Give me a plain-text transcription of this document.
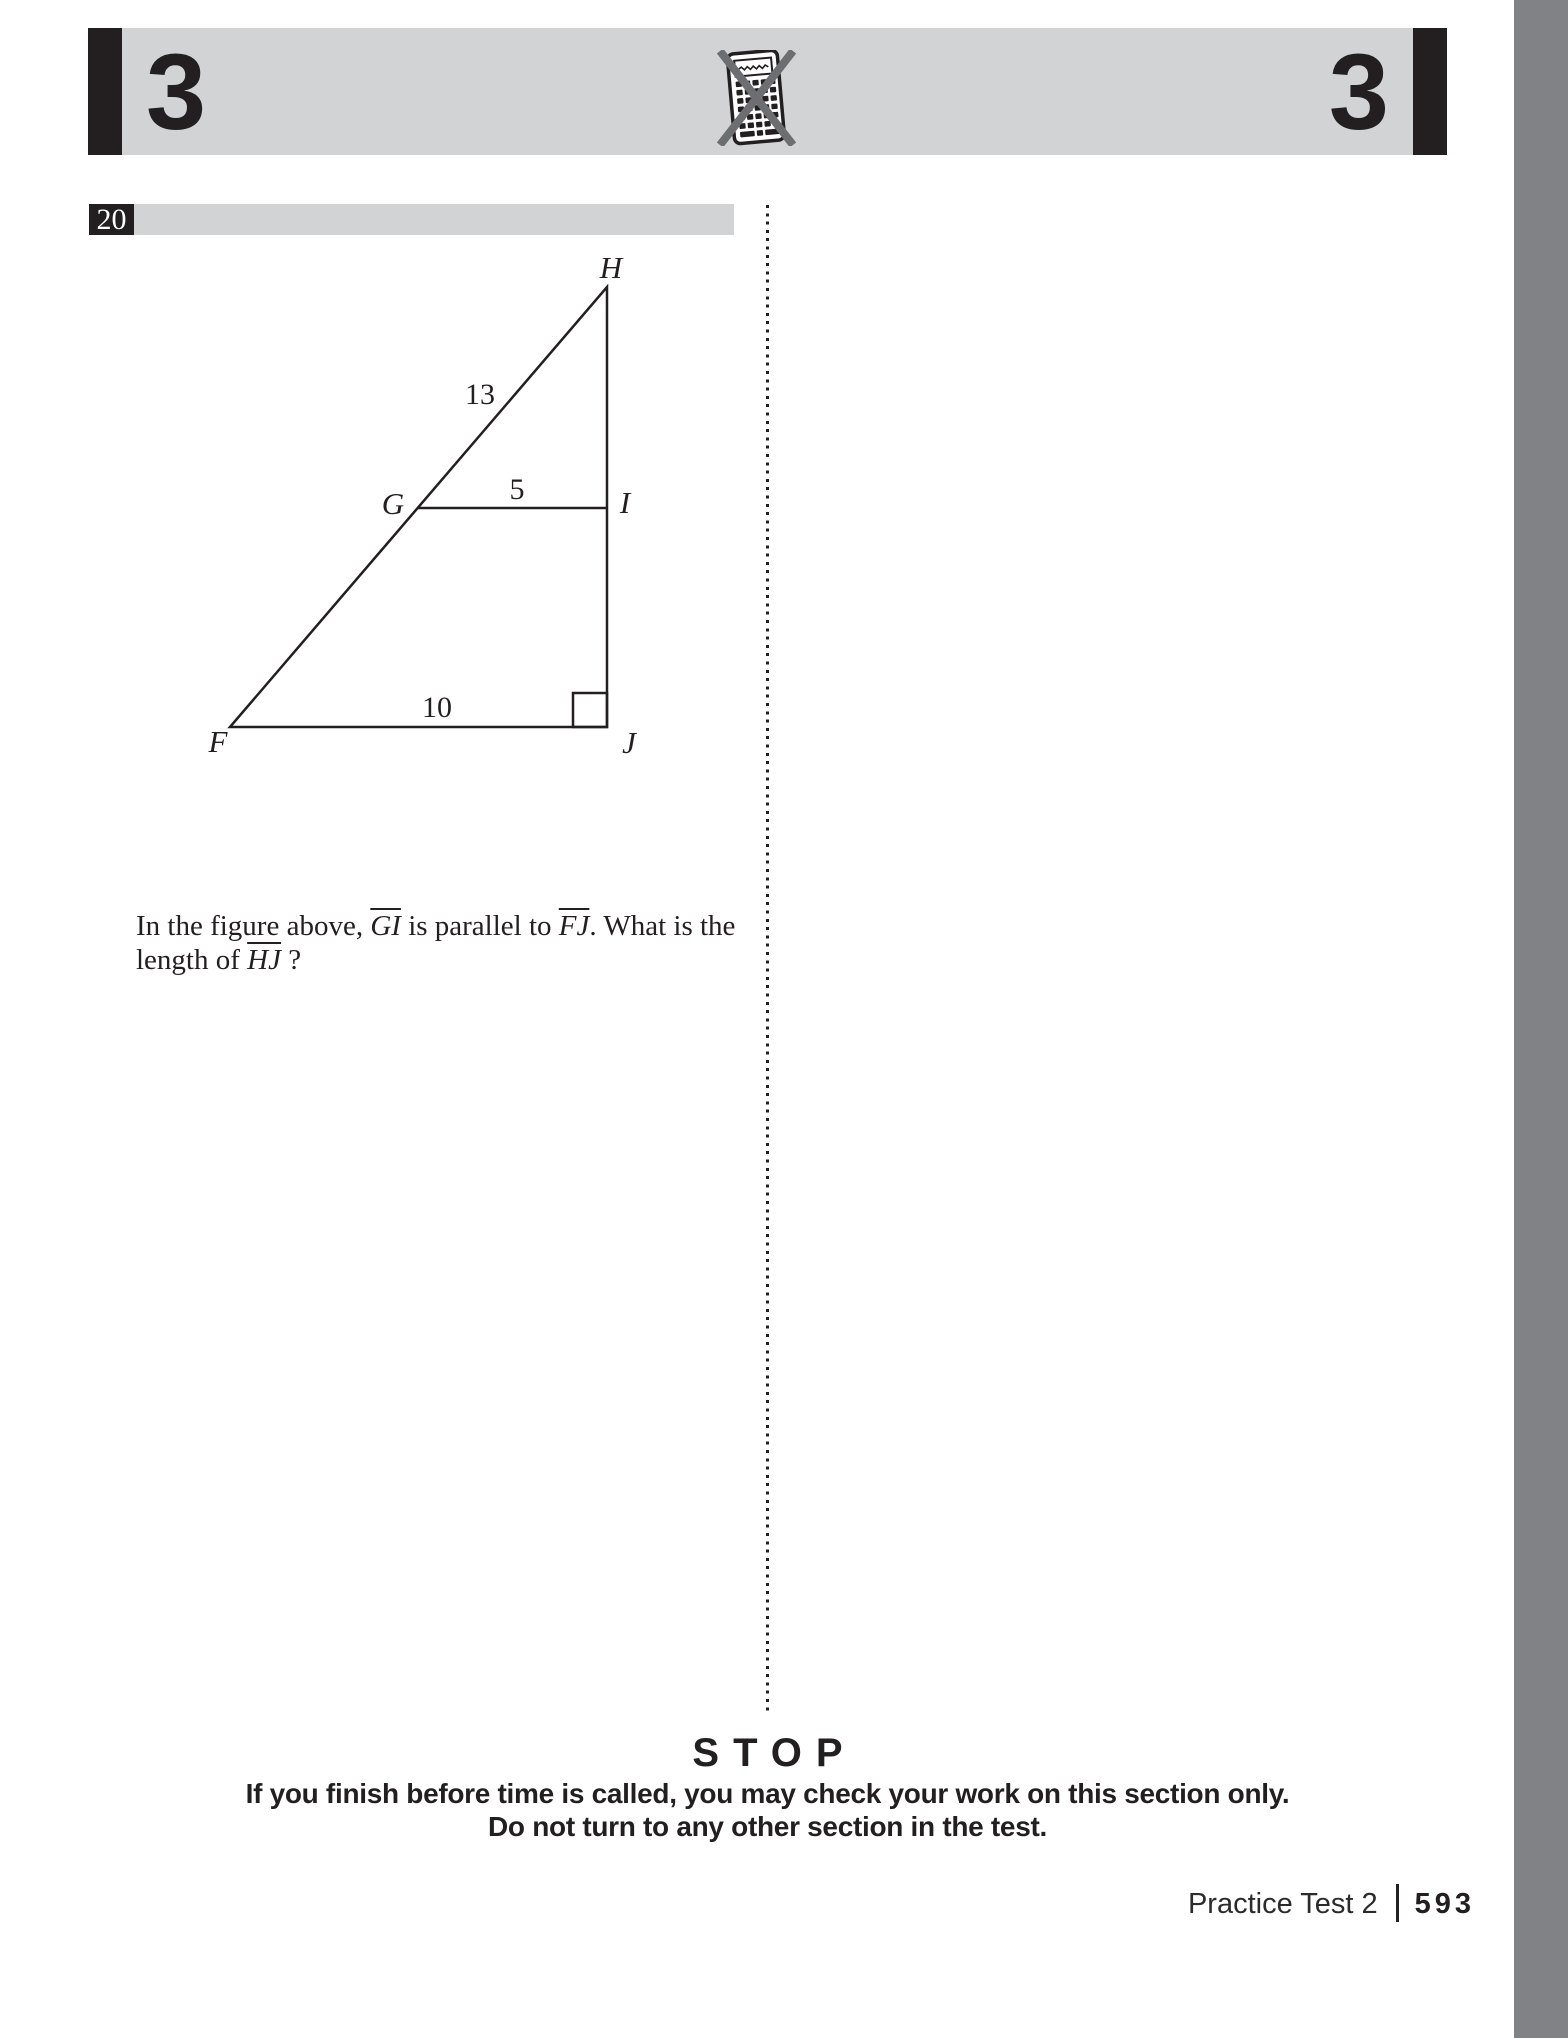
3	3
20
H
G	I
F	J
13
5
10
In the figure above, $\overline{GI}$ is parallel to $\overline{FJ}$. What is the
length of $\overline{HJ}$ ?
STOP
If you finish before time is called, you may check your work on this section only.
Do not turn to any other section in the test.
Practice Test 2 593
